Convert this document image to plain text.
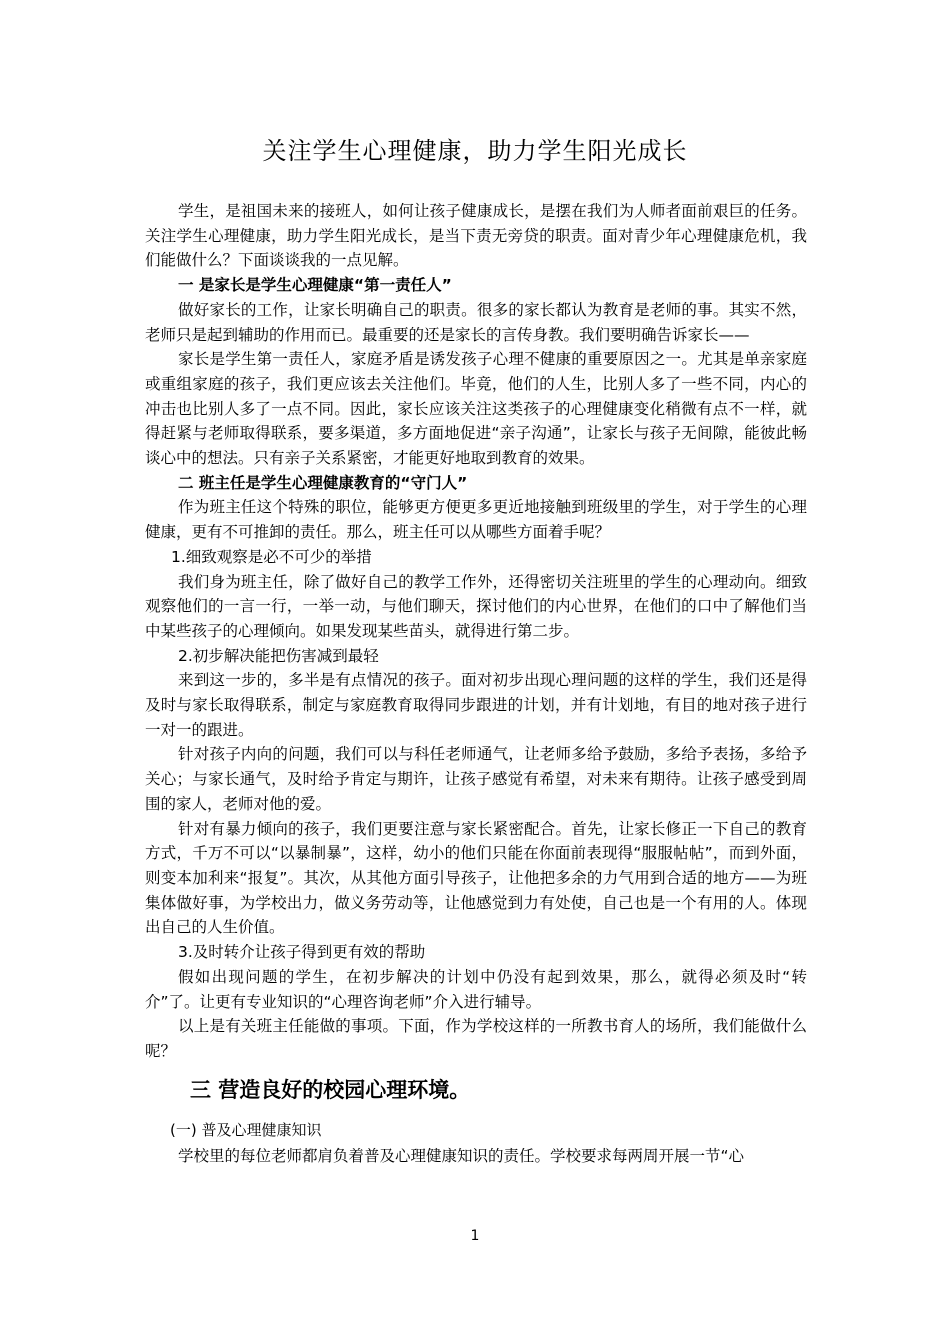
关注学生心理健康，助力学生阳光成长

学生，是祖国未来的接班人，如何让孩子健康成长，是摆在我们为人师者面前艰巨的任务。关注学生心理健康，助力学生阳光成长，是当下责无旁贷的职责。面对青少年心理健康危机，我们能做什么？下面谈谈我的一点见解。

一 是家长是学生心理健康“第一责任人”

做好家长的工作，让家长明确自己的职责。很多的家长都认为教育是老师的事。其实不然，老师只是起到辅助的作用而已。最重要的还是家长的言传身教。我们要明确告诉家长——

家长是学生第一责任人，家庭矛盾是诱发孩子心理不健康的重要原因之一。尤其是单亲家庭或重组家庭的孩子，我们更应该去关注他们。毕竟，他们的人生，比别人多了一些不同，内心的冲击也比别人多了一点不同。因此，家长应该关注这类孩子的心理健康变化稍微有点不一样，就得赶紧与老师取得联系，要多渠道，多方面地促进“亲子沟通”，让家长与孩子无间隙，能彼此畅谈心中的想法。只有亲子关系紧密，才能更好地取到教育的效果。

二 班主任是学生心理健康教育的“守门人”

作为班主任这个特殊的职位，能够更方便更多更近地接触到班级里的学生，对于学生的心理健康，更有不可推卸的责任。那么，班主任可以从哪些方面着手呢？

1.细致观察是必不可少的举措

我们身为班主任，除了做好自己的教学工作外，还得密切关注班里的学生的心理动向。细致观察他们的一言一行，一举一动，与他们聊天，探讨他们的内心世界，在他们的口中了解他们当中某些孩子的心理倾向。如果发现某些苗头，就得进行第二步。

2.初步解决能把伤害减到最轻

来到这一步的，多半是有点情况的孩子。面对初步出现心理问题的这样的学生，我们还是得及时与家长取得联系，制定与家庭教育取得同步跟进的计划，并有计划地，有目的地对孩子进行一对一的跟进。

针对孩子内向的问题，我们可以与科任老师通气，让老师多给予鼓励，多给予表扬，多给予关心；与家长通气，及时给予肯定与期许，让孩子感觉有希望，对未来有期待。让孩子感受到周围的家人，老师对他的爱。

针对有暴力倾向的孩子，我们更要注意与家长紧密配合。首先，让家长修正一下自己的教育方式，千万不可以“以暴制暴”，这样，幼小的他们只能在你面前表现得“服服帖帖”，而到外面，则变本加利来“报复”。其次，从其他方面引导孩子，让他把多余的力气用到合适的地方——为班集体做好事，为学校出力，做义务劳动等，让他感觉到力有处使，自己也是一个有用的人。体现出自己的人生价值。

3.及时转介让孩子得到更有效的帮助

假如出现问题的学生，在初步解决的计划中仍没有起到效果，那么，就得必须及时“转介”了。让更有专业知识的“心理咨询老师”介入进行辅导。

以上是有关班主任能做的事项。下面，作为学校这样的一所教书育人的场所，我们能做什么呢？

三 营造良好的校园心理环境。
(一) 普及心理健康知识

学校里的每位老师都肩负着普及心理健康知识的责任。学校要求每两周开展一节“心

1
